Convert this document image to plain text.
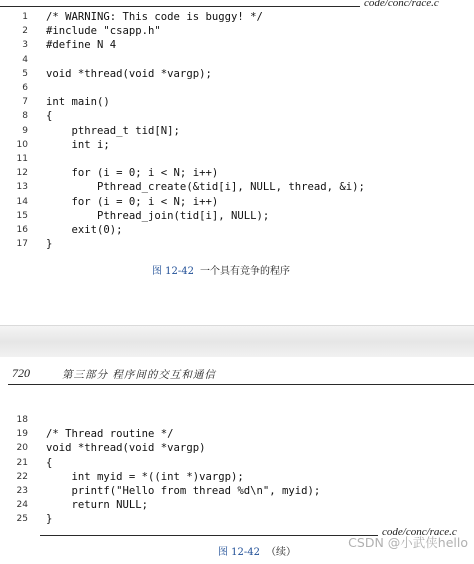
code/conc/race.c
1 /* WARNING: This code is buggy! */
2 #include "csapp.h"
3 #define N 4
4
5 void *thread(void *vargp);
6
7 int main()
8 {
9 pthread_t tid[N];
10 int i;
11
12 for (i = 0; i < N; i++)
13 Pthread_create(&tid[i], NULL, thread, &i);
14 for (i = 0; i < N; i++)
15 Pthread_join(tid[i], NULL);
16 exit(0);
17 }
图 12-42 一个具有竞争的程序
720	第三部分 程序间的交互和通信
18
19 /* Thread routine */
20 void *thread(void *vargp)
21 {
22 int myid = *((int *)vargp);
23 printf("Hello from thread %d\n", myid);
24 return NULL;
25 }
code/conc/race.c
图 12-42 （续）
CSDN @小武侠hello
